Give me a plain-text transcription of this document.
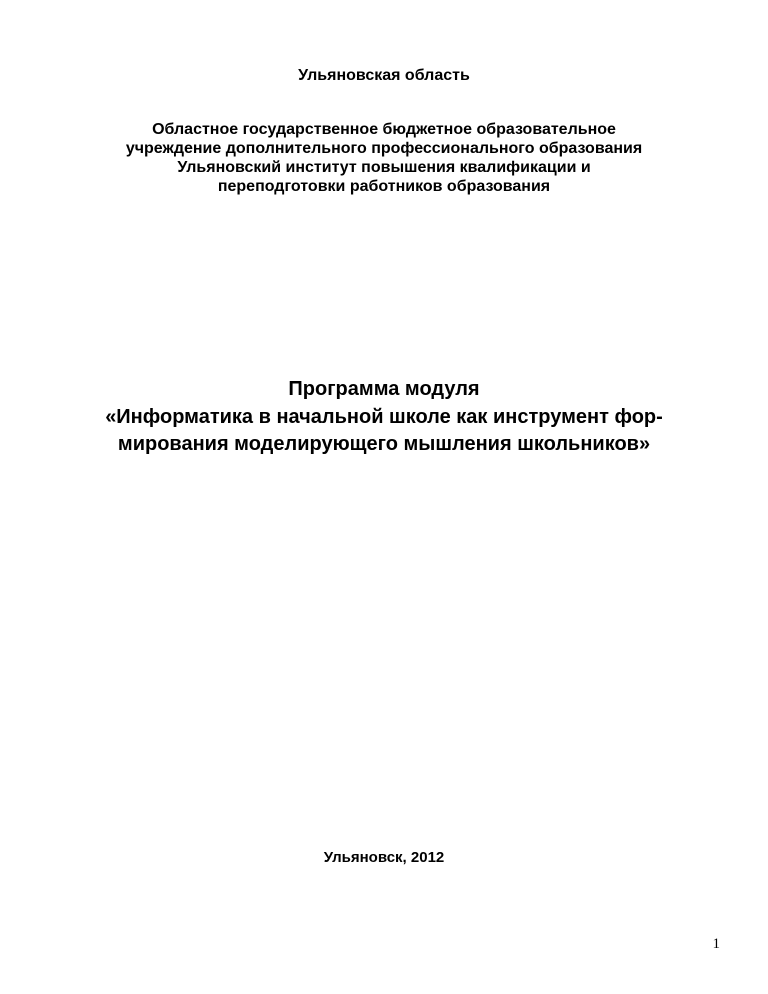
Ульяновская область
Областное государственное бюджетное образовательное
учреждение дополнительного профессионального образования
Ульяновский институт повышения квалификации и
переподготовки работников образования
Программа модуля
«Информатика в начальной школе как инструмент фор-
мирования моделирующего мышления школьников»
Ульяновск, 2012
1
